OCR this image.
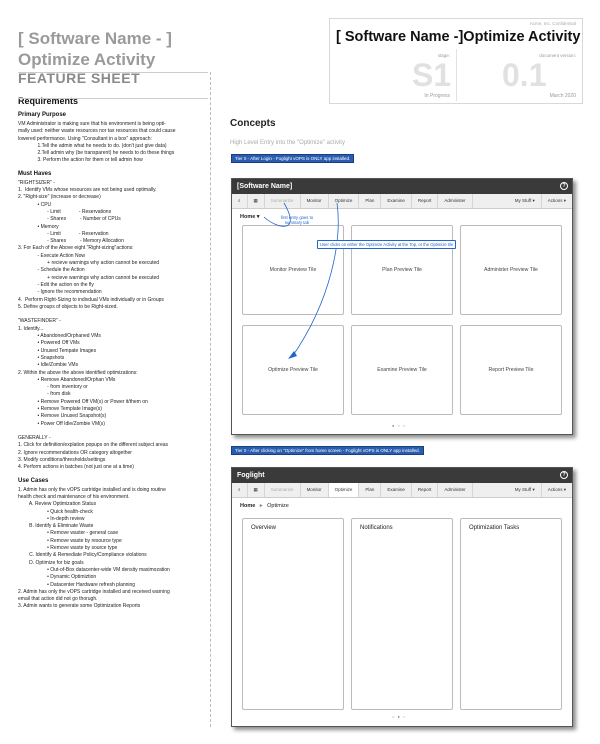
[ Software Name - ]
Optimize Activity
FEATURE SHEET
Requirements
Primary Purpose
VM Administrator is making sure that his environment is being opti-
mally used: neither waste resources nor tax resources that could cause
lowered performance. Using "Consultant in a box" approach:
1.Tell the admin what he needs to do. (don't just give data)
2.Tell admin why (be transparent) he needs to do these things
3. Perform the action for them or tell admin how
Must Haves
"RIGHTSIZER" -
1.  Identify VMs whose resources are not being used optimally.
2. "Right-size" (increase or decrease)
• CPU
- Limit             - Reservations
- Shares          - Number of CPUs
• Memory
- Limit             - Reservation
- Shares          - Memory Allocation
3. For Each of the Above eight "Right-sizing"actions:
- Execute Action Now
+ recieve warnings why action cannot be executed
- Schedule the Action
+ recieve warnings why action cannot be executed
- Edit the action on the fly
- Ignore the recommendation
4.  Perform Right-Sizing to indivdual VMs individually or in Groups
5. Define groups of objects to be Right-sized.

"WASTEFINDER" -
1. Identify...
• Abandoned/Orphaned VMs
• Powered Off VMs
• Unused Tempate Images
• Snapshots
• Idle/Zombie VMs
2. Within the above the above identified optimizations:
• Remove Abandoned/Orphan VMs
- from inventory or
- from disk
• Remove Powered Off VM(s) or Power it/them on
• Remove Template Image(s)
• Remove Unused Snapshot(s)
• Power Off Idle/Zombie VM(s)

GENERALLY -
1. Click for definition/explation popups on the different subject areas
2. Ignore recommendations OR category altogether
3. Modify conditions/thresholds/settings
4. Perform actions in batches (not just one at a time)
Use Cases
1. Admin has only the vOPS cartridge installed and is doing routine
health check and maintenance of his environment.
A. Review Optimization Status
• Quick health-check
• In-depth review
B. Identify & Eliminate Waste
• Remove waster - general case
• Remove waste by resource type
• Remove waste by source type
C. Identify & Remediate Policy/Compliance violations
D. Optimize for biz goals
• Out-of-Box datacenter-wide VM density maximozation
• Dynamic Optimiztion
• Datacenter Hardware refresh planning
2. Admin has only the vOPS cartridge installed and received warning
email that action did not go thorugh.
3. Admin wants to generate some Optimization Reports
Acme, Inc. Confidential
[ Software Name -]Optimize Activity
stage:
S1
In Progress
document version:
0.1
March 2020
Concepts
High Level Entry into the "Optimize" activity
Tier 0 - After Login - Foglight vOPS is ONLY app installed.
[Software Name]	?
⌕	▦	Summarize	Monitor	Optimize	Plan	Examine	Report	Administer	My Stuff ▾	Actions ▾
Home ▾
Monitor Preview Tile	Plan Preview Tile	Administer Preview Tile
Optimize Preview Tile	Examine Preview Tile	Report Preview Tile
first entry goes to
summary tab
User clicks on either the Optimize Activity at the Top, or the Optimize tile
● ○ ○
Tier 0 - After clicking on "Optimize" from home screen - Foglight vOPS is ONLY app installed.
Foglight	?
⌕	▦	Summarize	Monitor	Optimize	Plan	Examine	Report	Administer	My Stuff ▾	Actions ▾
Home ▸ Optimize
Overview	Notifications	Optimization Tasks
○ ● ○
